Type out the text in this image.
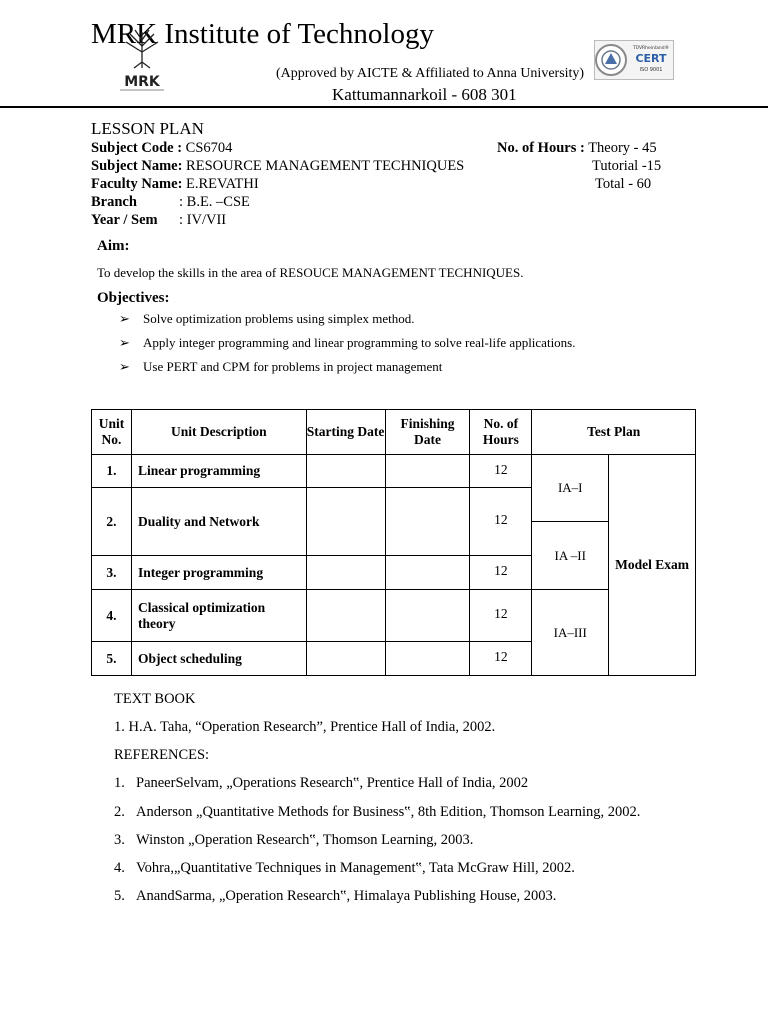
MRK Institute of Technology
MRK
(Approved by AICTE & Affiliated to Anna University)
Kattumannarkoil - 608 301
TÜVRheinland®
CERT
ISO 9001
LESSON PLAN
Subject Code : CS6704
Subject Name: RESOURCE MANAGEMENT TECHNIQUES
Faculty Name: E.REVATHI
Branch	: B.E. –CSE
Year / Sem : IV/VII
No. of Hours : Theory - 45
Tutorial -15
Total - 60
Aim:
To develop the skills in the area of RESOUCE MANAGEMENT TECHNIQUES.
Objectives:
➢ Solve optimization problems using simplex method.
➢ Apply integer programming and linear programming to solve real-life applications.
➢ Use PERT and CPM for problems in project management
Unit No.	Unit Description	Starting Date	Finishing Date	No. of Hours	Test Plan	
1.	Linear programming			12	IA–I	Model Exam
2.	Duality and Network			12		
					IA –II	
3.	Integer programming			12		
4.	Classical optimization theory			12	IA–III	
5.	Object scheduling			12		
TEXT BOOK
1. H.A. Taha, “Operation Research”, Prentice Hall of India, 2002.
REFERENCES:
1. PaneerSelvam, „Operations Research‟, Prentice Hall of India, 2002
2. Anderson „Quantitative Methods for Business‟, 8th Edition, Thomson Learning, 2002.
3. Winston „Operation Research‟, Thomson Learning, 2003.
4. Vohra,„Quantitative Techniques in Management‟, Tata McGraw Hill, 2002.
5. AnandSarma, „Operation Research‟, Himalaya Publishing House, 2003.
